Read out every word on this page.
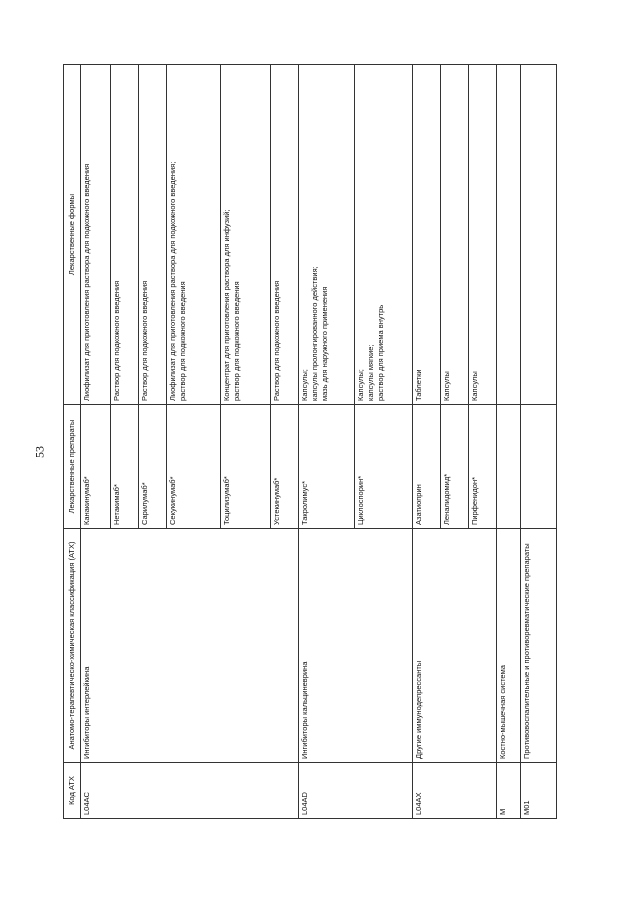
53
Код АТХ	Анатомо-терапевтическо-химическая классификация (АТХ)	Лекарственные препараты	Лекарственные формы
L04AC	Ингибиторы интерлейкина	Канакинумаб*	Лиофилизат для приготовления раствора для подкожного введения

		Нетакимаб*	Раствор для подкожного введения

		Сарилумаб*	Раствор для подкожного введения

		Секукинумаб*	Лиофилизат для приготовления раствора для подкожного введения; раствор для подкожного введения

		Тоцилизумаб*	Концентрат для приготовления раствора для инфузий; раствор для подкожного введения

		Устекинумаб*	Раствор для подкожного введения

L04AD	Ингибиторы кальциневрина	Такролимус*	Капсулы; капсулы пролонгированного действия; мазь для наружного применения

		Циклоспорин*	Капсулы; капсулы мягкие; раствор для приема внутрь

L04AX	Другие иммунодепрессанты	Азатиоприн	Таблетки

		Леналидомид*	Капсулы

		Пирфенидон*	Капсулы

M	Костно-мышечная система		
M01	Противовоспалительные и противоревматические препараты		
